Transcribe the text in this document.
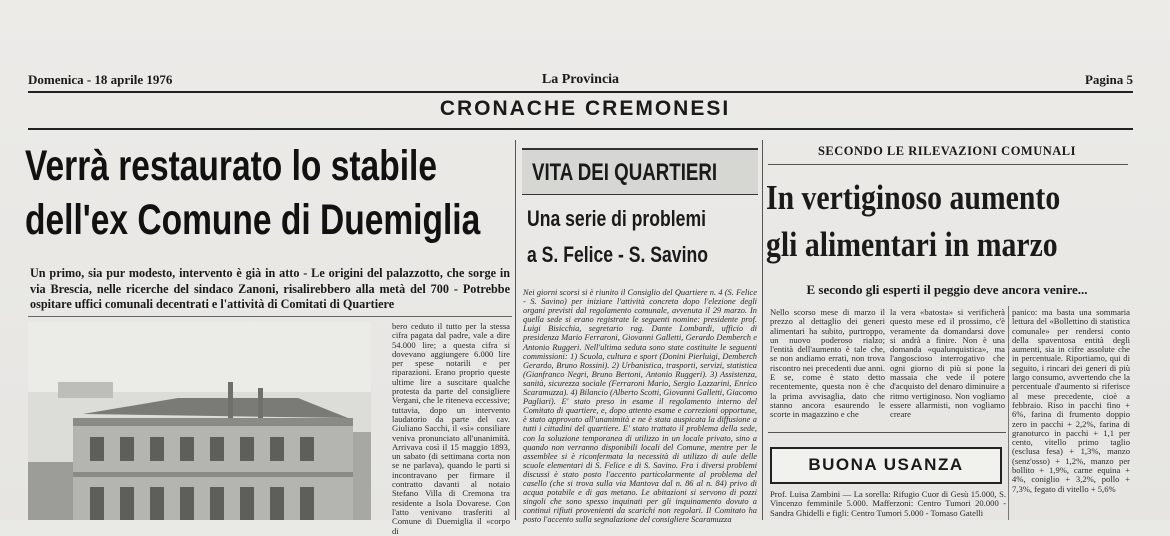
Domenica - 18 aprile 1976	La Provincia	Pagina 5
CRONACHE CREMONESI
Verrà restaurato lo stabile
dell'ex Comune di Duemiglia
Un primo, sia pur modesto, intervento è già in atto - Le origini del palazzotto, che sorge in via Brescia, nelle ricerche del sindaco Zanoni, risalirebbero alla metà del 700 - Potrebbe ospitare uffici comunali decentrati e l'attività di Comitati di Quartiere
bero ceduto il tutto per la stessa cifra pagata dal padre, vale a dire 54.000 lire; a questa cifra si dovevano aggiungere 6.000 lire per spese notarili e per riparazioni. Erano proprio queste ultime lire a suscitare qualche protesta da parte del consigliere Vergani, che le riteneva eccessive; tuttavia, dopo un intervento laudatorio da parte del cav. Giuliano Sacchi, il «sì» consiliare veniva pronunciato all'unanimità. Arrivava così il 15 maggio 1893, un sabato (di settimana corta non se ne parlava), quando le parti si incontravano per firmare il contratto davanti al notaio Stefano Villa di Cremona tra residente a Isola Dovarese. Con l'atto venivano trasferiti al Comune di Duemiglia il «corpo di
VITA DEI QUARTIERI
Una serie di problemi
a S. Felice - S. Savino
Nei giorni scorsi si è riunito il Consiglio del Quartiere n. 4 (S. Felice - S. Savino) per iniziare l'attività concreta dopo l'elezione degli organi previsti dal regolamento comunale, avvenuta il 29 marzo. In quella sede si erano registrate le seguenti nomine: presidente prof. Luigi Bisicchia, segretario rag. Dante Lombardi, ufficio di presidenza Mario Ferraroni, Giovanni Galletti, Gerardo Demberch e Antonio Ruggeri. Nell'ultima seduta sono state costituite le seguenti commissioni: 1) Scuola, cultura e sport (Donini Pierluigi, Demberch Gerardo, Bruno Rossini). 2) Urbanistica, trasporti, servizi, statistica (Gianfranco Negri, Bruno Bertoni, Antonio Ruggeri). 3) Assistenza, sanità, sicurezza sociale (Ferraroni Mario, Sergio Lazzarini, Enrico Scaramuzza). 4) Bilancio (Alberto Scotti, Giovanni Galletti, Giacomo Pagliari). E' stato preso in esame il regolamento interno del Comitato di quartiere, e, dopo attento esame e correzioni opportune, è stato approvato all'unanimità e ne è stata auspicata la diffusione a tutti i cittadini del quartiere. E' stato trattato il problema della sede, con la soluzione temporanea di utilizzo in un locale privato, sino a quando non verranno disponibili locali del Comune, mentre per le assemblee si è riconfermata la necessità di utilizzo di aule delle scuole elementari di S. Felice e di S. Savino. Fra i diversi problemi discussi è stato posto l'accento particolarmente al problema del casello (che si trova sulla via Mantova dal n. 86 al n. 84) privo di acqua potabile e di gas metano. Le abitazioni si servono di pozzi singoli che sono spesso inquinati per gli inquinamento dovuto a continui rifiuti provenienti da scarichi non regolari. Il Comitato ha posto l'accento sulla segnalazione del consigliere Scaramuzza
SECONDO LE RILEVAZIONI COMUNALI
In vertiginoso aumento
gli alimentari in marzo
E secondo gli esperti il peggio deve ancora venire...
Nello scorso mese di marzo il prezzo al dettaglio dei generi alimentari ha subito, purtroppo, un nuovo poderoso rialzo; l'entità dell'aumento è tale che, se non andiamo errati, non trova riscontro nei precedenti due anni. E se, come è stato detto recentemente, questa non è che la prima avvisaglia, dato che stanno ancora esaurendo le scorte in magazzino e che
la vera «batosta» si verificherà questo mese ed il prossimo, c'è veramente da domandarsi dove si andrà a finire. Non è una domanda «qualunquistica», ma l'angoscioso interrogativo che ogni giorno di più si pone la massaia che vede il potere d'acquisto del denaro diminuire a ritmo vertiginoso. Non vogliamo essere allarmisti, non vogliamo creare
panico: ma basta una sommaria lettura del «Bollettino di statistica comunale» per rendersi conto della spaventosa entità degli aumenti, sia in cifre assolute che in percentuale. Riportiamo, qui di seguito, i rincari dei generi di più largo consumo, avvertendo che la percentuale d'aumento si riferisce al mese precedente, cioè a febbraio. Riso in pacchi fino + 6%, farina di frumento doppio zero in pacchi + 2,2%, farina di granoturco in pacchi + 1,1 per cento, vitello primo taglio (esclusa fesa) + 1,3%, manzo (senz'osso) + 1,2%, manzo per bollito + 1,9%, carne equina + 4%, coniglio + 3,2%, pollo + 7,3%, fegato di vitello + 5,6%
BUONA USANZA
Prof. Luisa Zambini — La sorella: Rifugio Cuor di Gesù 15.000, S. Vincenzo femminile 5.000. Mafferzoni: Centro Tumori 20.000 - Sandra Ghidelli e figli: Centro Tumori 5.000 - Tomaso Gatelli
